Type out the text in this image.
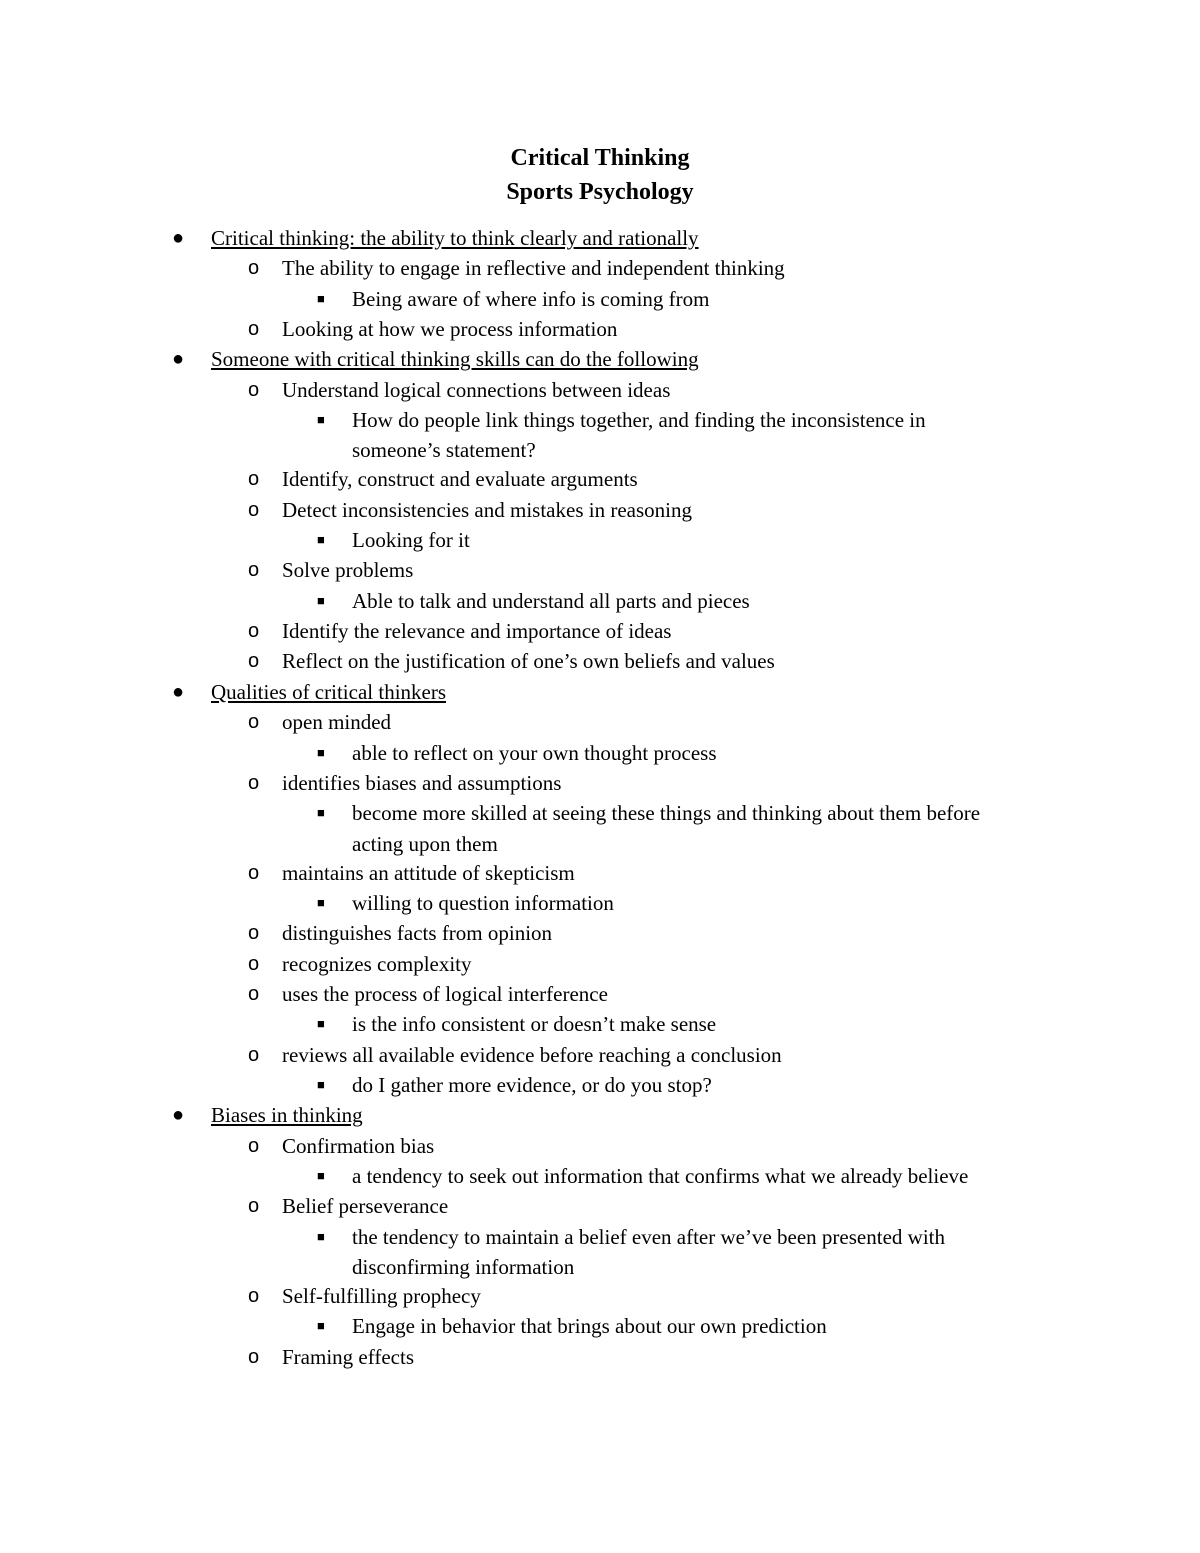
Critical Thinking
Sports Psychology
● Critical thinking: the ability to think clearly and rationally
o The ability to engage in reflective and independent thinking
■ Being aware of where info is coming from
o Looking at how we process information
● Someone with critical thinking skills can do the following
o Understand logical connections between ideas
■ How do people link things together, and finding the inconsistence in
someone’s statement?
o Identify, construct and evaluate arguments
o Detect inconsistencies and mistakes in reasoning
■ Looking for it
o Solve problems
■ Able to talk and understand all parts and pieces
o Identify the relevance and importance of ideas
o Reflect on the justification of one’s own beliefs and values
● Qualities of critical thinkers
o open minded
■ able to reflect on your own thought process
o identifies biases and assumptions
■ become more skilled at seeing these things and thinking about them before
acting upon them
o maintains an attitude of skepticism
■ willing to question information
o distinguishes facts from opinion
o recognizes complexity
o uses the process of logical interference
■ is the info consistent or doesn’t make sense
o reviews all available evidence before reaching a conclusion
■ do I gather more evidence, or do you stop?
● Biases in thinking
o Confirmation bias
■ a tendency to seek out information that confirms what we already believe
o Belief perseverance
■ the tendency to maintain a belief even after we’ve been presented with
disconfirming information
o Self-fulfilling prophecy
■ Engage in behavior that brings about our own prediction
o Framing effects
